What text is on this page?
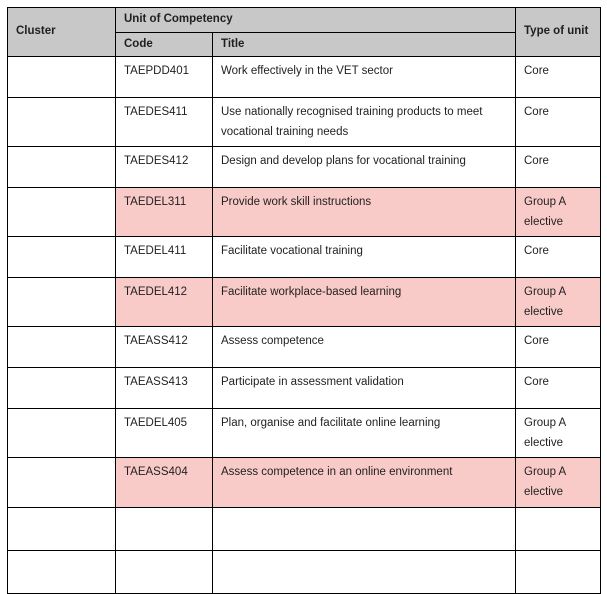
Cluster	Unit of Competency		Type of unit
	Code	Title	
	TAEPDD401	Work effectively in the VET sector	Core
	TAEDES411	Use nationally recognised training products to meet vocational training needs	Core
	TAEDES412	Design and develop plans for vocational training	Core
	TAEDEL311	Provide work skill instructions	Group A elective
	TAEDEL411	Facilitate vocational training	Core
	TAEDEL412	Facilitate workplace-based learning	Group A elective
	TAEASS412	Assess competence	Core
	TAEASS413	Participate in assessment validation	Core
	TAEDEL405	Plan, organise and facilitate online learning	Group A elective
	TAEASS404	Assess competence in an online environment	Group A elective
